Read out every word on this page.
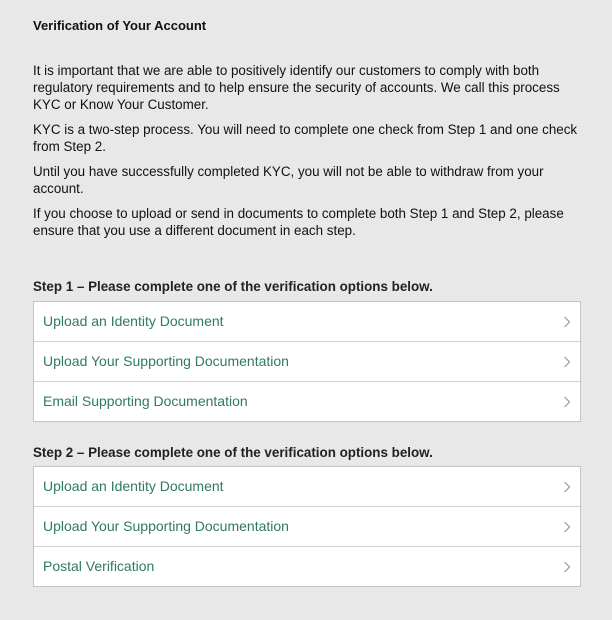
Verification of Your Account

It is important that we are able to positively identify our customers to comply with both regulatory requirements and to help ensure the security of accounts. We call this process KYC or Know Your Customer.

KYC is a two-step process. You will need to complete one check from Step 1 and one check from Step 2.

Until you have successfully completed KYC, you will not be able to withdraw from your account.

If you choose to upload or send in documents to complete both Step 1 and Step 2, please ensure that you use a different document in each step.

Step 1 – Please complete one of the verification options below.
Upload an Identity Document
Upload Your Supporting Documentation
Email Supporting Documentation
Step 2 – Please complete one of the verification options below.
Upload an Identity Document
Upload Your Supporting Documentation
Postal Verification
